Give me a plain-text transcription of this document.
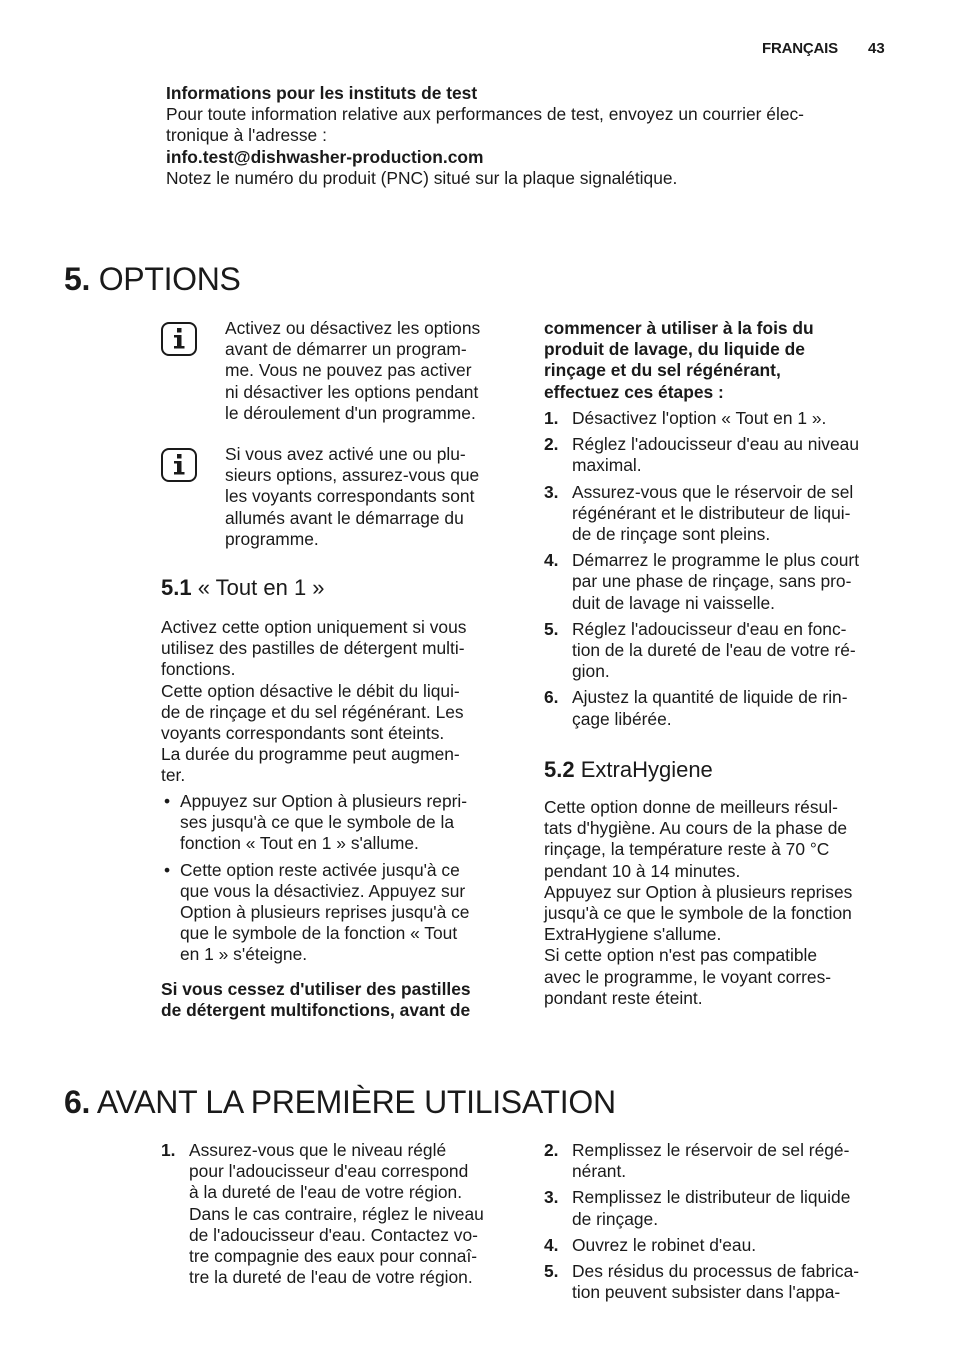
FRANÇAIS 43
Informations pour les instituts de test
Pour toute information relative aux performances de test, envoyez un courrier élec-
tronique à l'adresse :
info.test@dishwasher-production.com
Notez le numéro du produit (PNC) situé sur la plaque signalétique.
5. OPTIONS
Activez ou désactivez les options
avant de démarrer un program-
me. Vous ne pouvez pas activer
ni désactiver les options pendant
le déroulement d'un programme.
Si vous avez activé une ou plu-
sieurs options, assurez-vous que
les voyants correspondants sont
allumés avant le démarrage du
programme.
5.1 « Tout en 1 »
Activez cette option uniquement si vous
utilisez des pastilles de détergent multi-
fonctions.
Cette option désactive le débit du liqui-
de de rinçage et du sel régénérant. Les
voyants correspondants sont éteints.
La durée du programme peut augmen-
ter.
• Appuyez sur Option à plusieurs repri-
ses jusqu'à ce que le symbole de la
fonction « Tout en 1 » s'allume.
• Cette option reste activée jusqu'à ce
que vous la désactiviez. Appuyez sur
Option à plusieurs reprises jusqu'à ce
que le symbole de la fonction « Tout
en 1 » s'éteigne.
Si vous cessez d'utiliser des pastilles
de détergent multifonctions, avant de
commencer à utiliser à la fois du
produit de lavage, du liquide de
rinçage et du sel régénérant,
effectuez ces étapes :
1. Désactivez l'option « Tout en 1 ».
2. Réglez l'adoucisseur d'eau au niveau
maximal.
3. Assurez-vous que le réservoir de sel
régénérant et le distributeur de liqui-
de de rinçage sont pleins.
4. Démarrez le programme le plus court
par une phase de rinçage, sans pro-
duit de lavage ni vaisselle.
5. Réglez l'adoucisseur d'eau en fonc-
tion de la dureté de l'eau de votre ré-
gion.
6. Ajustez la quantité de liquide de rin-
çage libérée.
5.2 ExtraHygiene
Cette option donne de meilleurs résul-
tats d'hygiène. Au cours de la phase de
rinçage, la température reste à 70 °C
pendant 10 à 14 minutes.
Appuyez sur Option à plusieurs reprises
jusqu'à ce que le symbole de la fonction
ExtraHygiene s'allume.
Si cette option n'est pas compatible
avec le programme, le voyant corres-
pondant reste éteint.
6. AVANT LA PREMIÈRE UTILISATION
1. Assurez-vous que le niveau réglé
pour l'adoucisseur d'eau correspond
à la dureté de l'eau de votre région.
Dans le cas contraire, réglez le niveau
de l'adoucisseur d'eau. Contactez vo-
tre compagnie des eaux pour connaî-
tre la dureté de l'eau de votre région.
2. Remplissez le réservoir de sel régé-
nérant.
3. Remplissez le distributeur de liquide
de rinçage.
4. Ouvrez le robinet d'eau.
5. Des résidus du processus de fabrica-
tion peuvent subsister dans l'appa-
